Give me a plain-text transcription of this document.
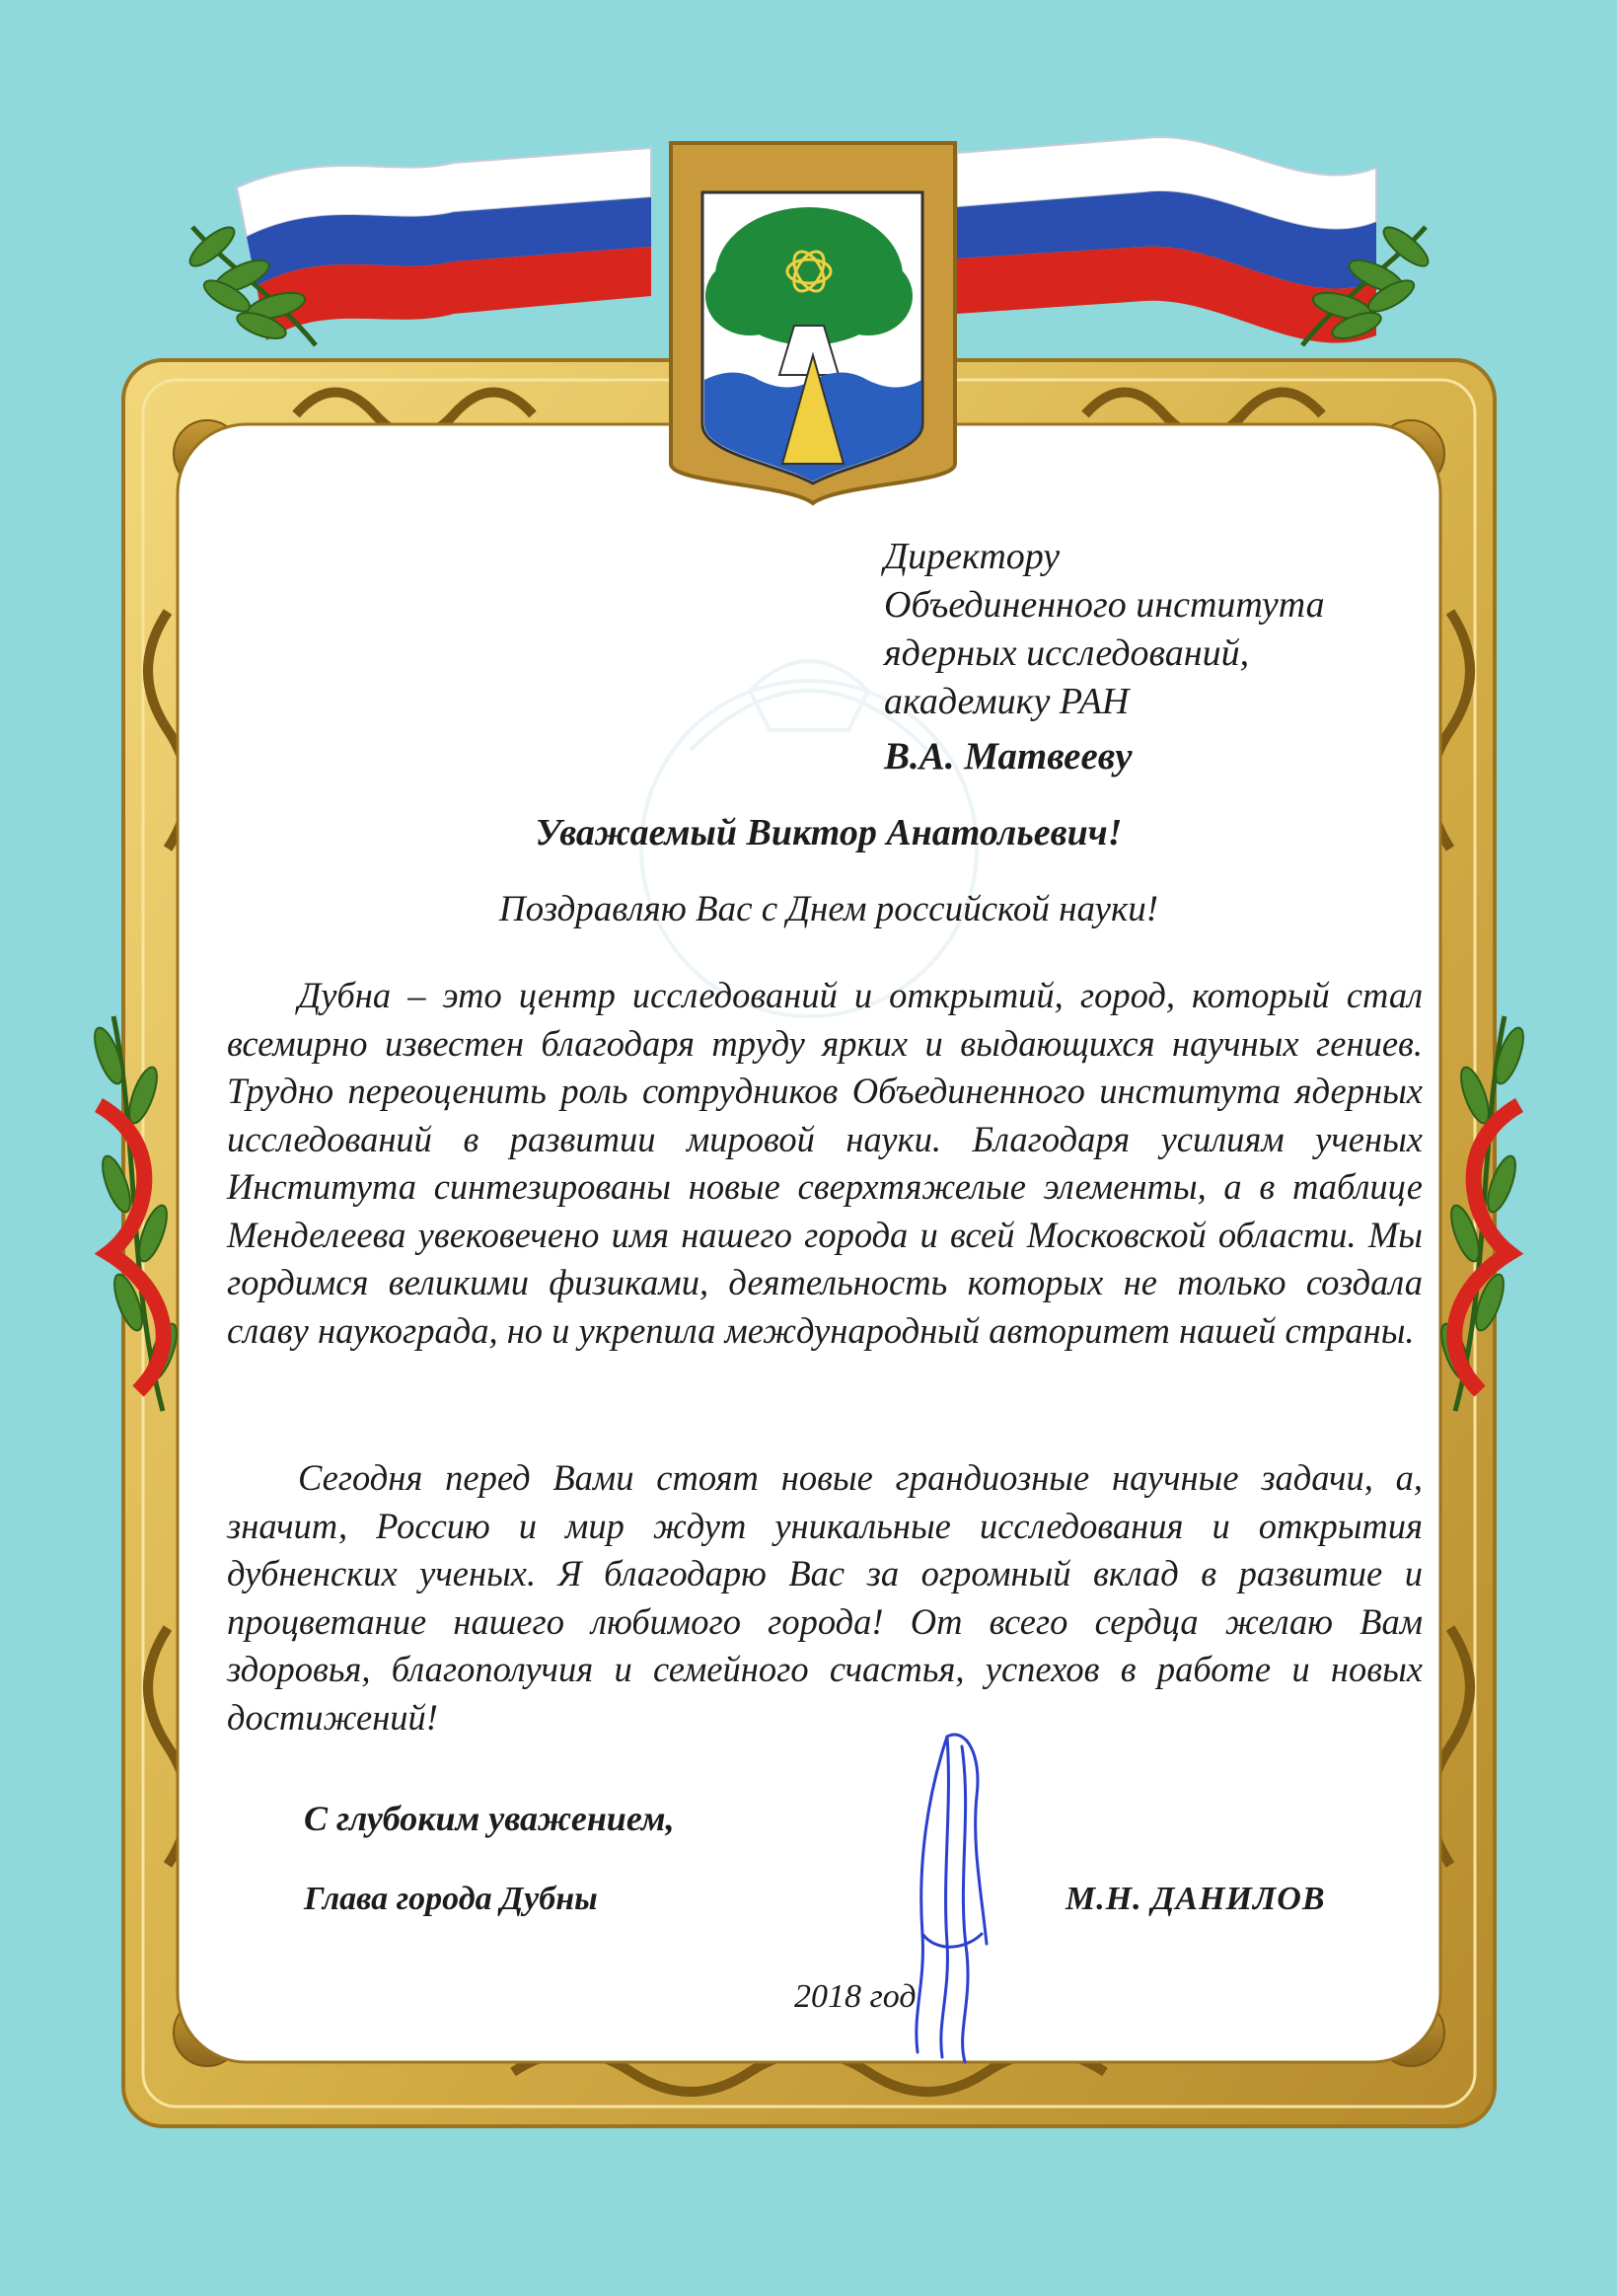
Директору
Объединенного института
ядерных исследований,
академику РАН
В.А. Матвееву
Уважаемый Виктор Анатольевич!
Поздравляю Вас с Днем российской науки!
Дубна – это центр исследований и открытий, город, который стал всемирно известен благодаря труду ярких и выдающихся научных гениев. Трудно переоценить роль сотрудников Объединенного института ядерных исследований в развитии мировой науки. Благодаря усилиям ученых Института синтезированы новые сверхтяжелые элементы, а в таблице Менделеева увековечено имя нашего города и всей Московской области. Мы гордимся великими физиками, деятельность которых не только создала славу наукограда, но и укрепила международный авторитет нашей страны.
Сегодня перед Вами стоят новые грандиозные научные задачи, а, значит, Россию и мир ждут уникальные исследования и открытия дубненских ученых. Я благодарю Вас за огромный вклад в развитие и процветание нашего любимого города! От всего сердца желаю Вам здоровья, благополучия и семейного счастья, успехов в работе и новых достижений!
С глубоким уважением,
Глава города Дубны	М.Н. ДАНИЛОВ
2018 год
